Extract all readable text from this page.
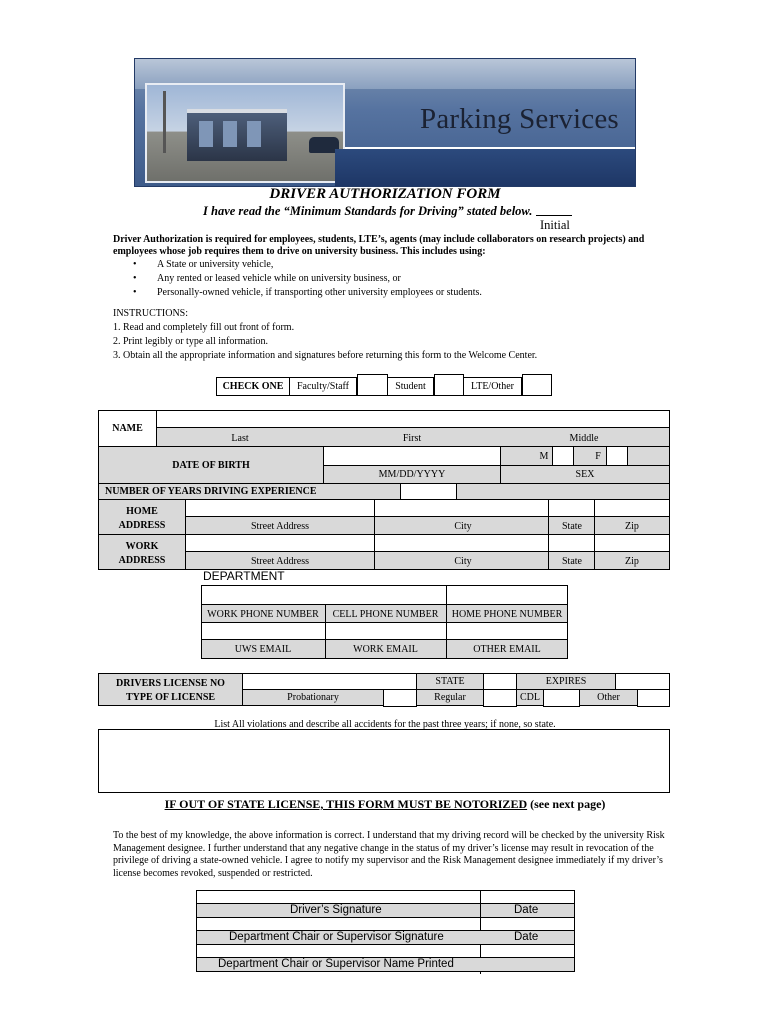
Parking Services
DRIVER AUTHORIZATION FORM
I have read the “Minimum Standards for Driving” stated below.
Initial
Driver Authorization is required for employees, students, LTE’s, agents (may include collaborators on research projects) and employees whose job requires them to drive on university business. This includes using:
• A State or university vehicle,
• Any rented or leased vehicle while on university business, or
• Personally-owned vehicle, if transporting other university employees or students.
INSTRUCTIONS:
1. Read and completely fill out front of form.
2. Print legibly or type all information.
3. Obtain all the appropriate information and signatures before returning this form to the Welcome Center.
CHECK ONE	Faculty/Staff	Student	LTE/Other
NAME
Last	First	Middle
DATE OF BIRTH
MM/DD/YYYY
M	F
SEX
NUMBER OF YEARS DRIVING EXPERIENCE
HOME
ADDRESS	Street Address	City	State	Zip
WORK
ADDRESS	Street Address	City	State	Zip
DEPARTMENT
WORK PHONE NUMBER	CELL PHONE NUMBER	HOME PHONE NUMBER
UWS EMAIL	WORK EMAIL	OTHER EMAIL
DRIVERS LICENSE NO
TYPE OF LICENSE
STATE	EXPIRES
Probationary	Regular	CDL	Other
List All violations and describe all accidents for the past three years; if none, so state.
IF OUT OF STATE LICENSE, THIS FORM MUST BE NOTORIZED (see next page)
To the best of my knowledge, the above information is correct. I understand that my driving record will be checked by the university Risk Management designee. I further understand that any negative change in the status of my driver’s license may result in revocation of the privilege of driving a state-owned vehicle. I agree to notify my supervisor and the Risk Management designee immediately if my driver’s license becomes revoked, suspended or restricted.
Driver’s Signature	Date
Department Chair or Supervisor Signature	Date
Department Chair or Supervisor Name Printed
